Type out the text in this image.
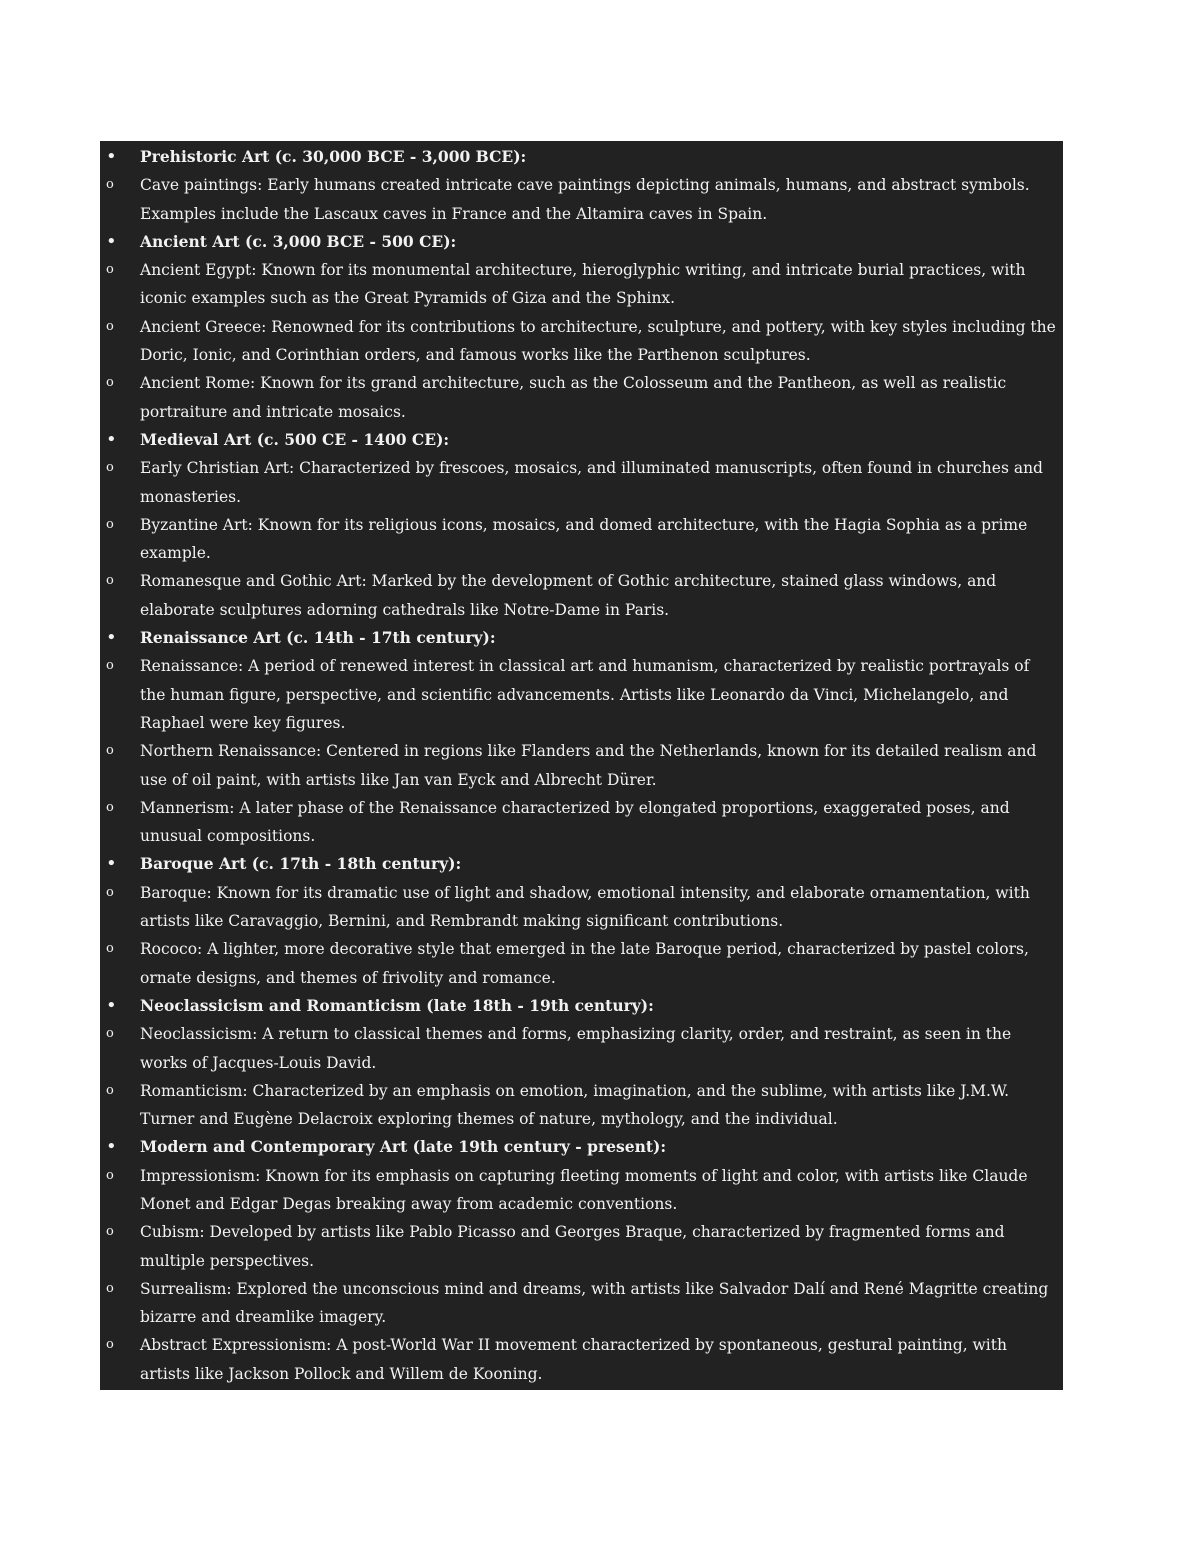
•	Prehistoric Art (c. 30,000 BCE - 3,000 BCE):
o	Cave paintings: Early humans created intricate cave paintings depicting animals, humans, and abstract symbols. Examples include the Lascaux caves in France and the Altamira caves in Spain.
•	Ancient Art (c. 3,000 BCE - 500 CE):
o	Ancient Egypt: Known for its monumental architecture, hieroglyphic writing, and intricate burial practices, with iconic examples such as the Great Pyramids of Giza and the Sphinx.
o	Ancient Greece: Renowned for its contributions to architecture, sculpture, and pottery, with key styles including the Doric, Ionic, and Corinthian orders, and famous works like the Parthenon sculptures.
o	Ancient Rome: Known for its grand architecture, such as the Colosseum and the Pantheon, as well as realistic portraiture and intricate mosaics.
•	Medieval Art (c. 500 CE - 1400 CE):
o	Early Christian Art: Characterized by frescoes, mosaics, and illuminated manuscripts, often found in churches and monasteries.
o	Byzantine Art: Known for its religious icons, mosaics, and domed architecture, with the Hagia Sophia as a prime example.
o	Romanesque and Gothic Art: Marked by the development of Gothic architecture, stained glass windows, and elaborate sculptures adorning cathedrals like Notre-Dame in Paris.
•	Renaissance Art (c. 14th - 17th century):
o	Renaissance: A period of renewed interest in classical art and humanism, characterized by realistic portrayals of the human figure, perspective, and scientific advancements. Artists like Leonardo da Vinci, Michelangelo, and Raphael were key figures.
o	Northern Renaissance: Centered in regions like Flanders and the Netherlands, known for its detailed realism and use of oil paint, with artists like Jan van Eyck and Albrecht Dürer.
o	Mannerism: A later phase of the Renaissance characterized by elongated proportions, exaggerated poses, and unusual compositions.
•	Baroque Art (c. 17th - 18th century):
o	Baroque: Known for its dramatic use of light and shadow, emotional intensity, and elaborate ornamentation, with artists like Caravaggio, Bernini, and Rembrandt making significant contributions.
o	Rococo: A lighter, more decorative style that emerged in the late Baroque period, characterized by pastel colors, ornate designs, and themes of frivolity and romance.
•	Neoclassicism and Romanticism (late 18th - 19th century):
o	Neoclassicism: A return to classical themes and forms, emphasizing clarity, order, and restraint, as seen in the works of Jacques-Louis David.
o	Romanticism: Characterized by an emphasis on emotion, imagination, and the sublime, with artists like J.M.W. Turner and Eugène Delacroix exploring themes of nature, mythology, and the individual.
•	Modern and Contemporary Art (late 19th century - present):
o	Impressionism: Known for its emphasis on capturing fleeting moments of light and color, with artists like Claude Monet and Edgar Degas breaking away from academic conventions.
o	Cubism: Developed by artists like Pablo Picasso and Georges Braque, characterized by fragmented forms and multiple perspectives.
o	Surrealism: Explored the unconscious mind and dreams, with artists like Salvador Dalí and René Magritte creating bizarre and dreamlike imagery.
o	Abstract Expressionism: A post-World War II movement characterized by spontaneous, gestural painting, with artists like Jackson Pollock and Willem de Kooning.
